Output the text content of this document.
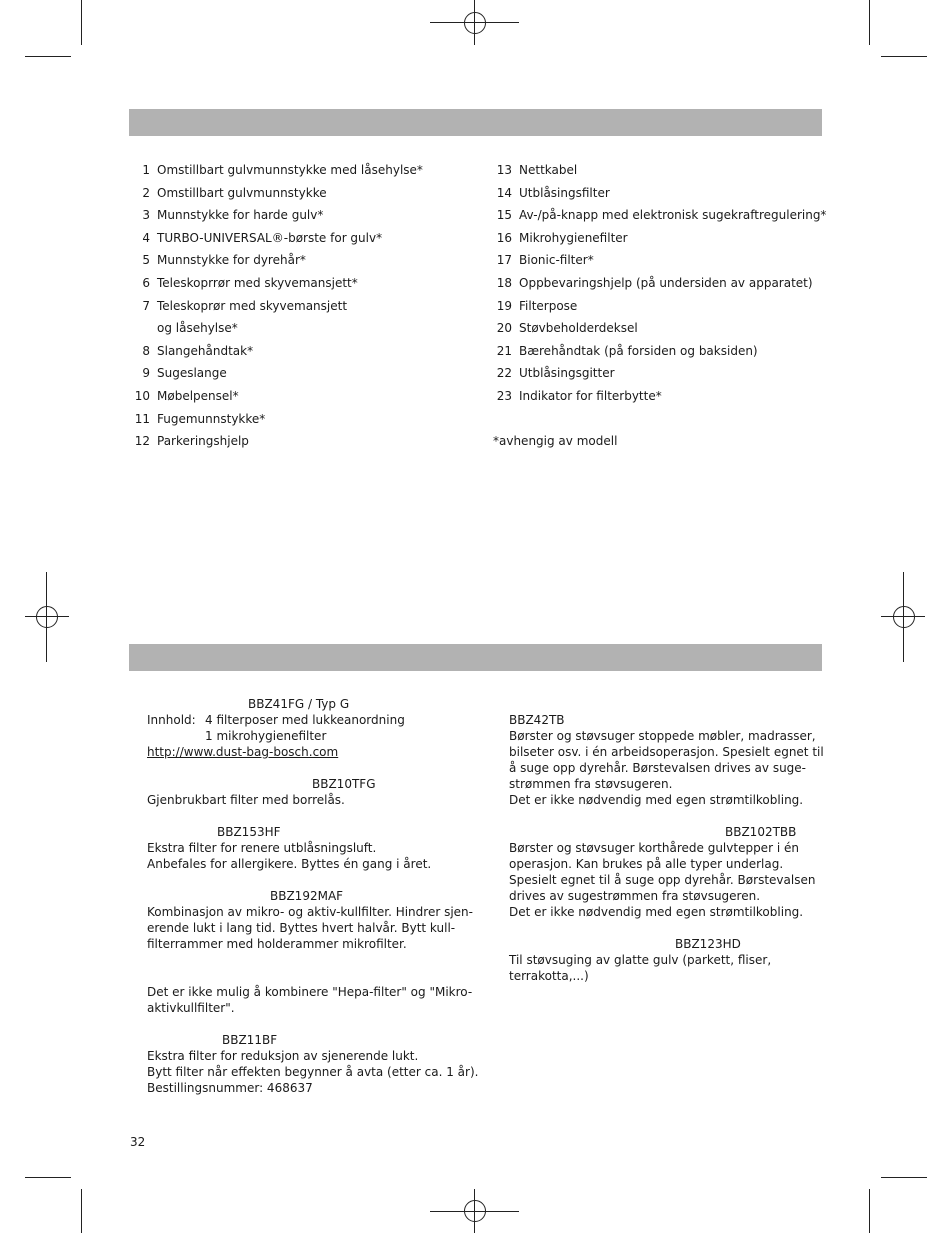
1 Omstillbart gulvmunnstykke med låsehylse*
2 Omstillbart gulvmunnstykke
3 Munnstykke for harde gulv*
4 TURBO-UNIVERSAL®-børste for gulv*
5 Munnstykke for dyrehår*
6 Teleskoprrør med skyvemansjett*
7 Teleskoprør med skyvemansjett
og låsehylse*
8 Slangehåndtak*
9 Sugeslange
10 Møbelpensel*
11 Fugemunnstykke*
12 Parkeringshjelp
13 Nettkabel
14 Utblåsingsfilter
15 Av-/på-knapp med elektronisk sugekraftregulering*
16 Mikrohygienefilter
17 Bionic-filter*
18 Oppbevaringshjelp (på undersiden av apparatet)
19 Filterpose
20 Støvbeholderdeksel
21 Bærehåndtak (på forsiden og baksiden)
22 Utblåsingsgitter
23 Indikator for filterbytte*
*avhengig av modell
BBZ41FG / Typ G
Innhold: 4 filterposer med lukkeanordning
1 mikrohygienefilter
http://www.dust-bag-bosch.com
BBZ10TFG
Gjenbrukbart filter med borrelås.
BBZ153HF
Ekstra filter for renere utblåsningsluft.
Anbefales for allergikere. Byttes én gang i året.
BBZ192MAF
Kombinasjon av mikro- og aktiv-kullfilter. Hindrer sjen-
erende lukt i lang tid. Byttes hvert halvår. Bytt kull-
filterrammer med holderammer mikrofilter.
Det er ikke mulig å kombinere "Hepa-filter" og "Mikro-
aktivkullfilter".
BBZ11BF
Ekstra filter for reduksjon av sjenerende lukt.
Bytt filter når effekten begynner å avta (etter ca. 1 år).
Bestillingsnummer: 468637
BBZ42TB
Børster og støvsuger stoppede møbler, madrasser,
bilseter osv. i én arbeidsoperasjon. Spesielt egnet til
å suge opp dyrehår. Børstevalsen drives av suge-
strømmen fra støvsugeren.
Det er ikke nødvendig med egen strømtilkobling.
BBZ102TBB
Børster og støvsuger korthårede gulvtepper i én
operasjon. Kan brukes på alle typer underlag.
Spesielt egnet til å suge opp dyrehår. Børstevalsen
drives av sugestrømmen fra støvsugeren.
Det er ikke nødvendig med egen strømtilkobling.
BBZ123HD
Til støvsuging av glatte gulv (parkett, fliser,
terrakotta,...)
32
